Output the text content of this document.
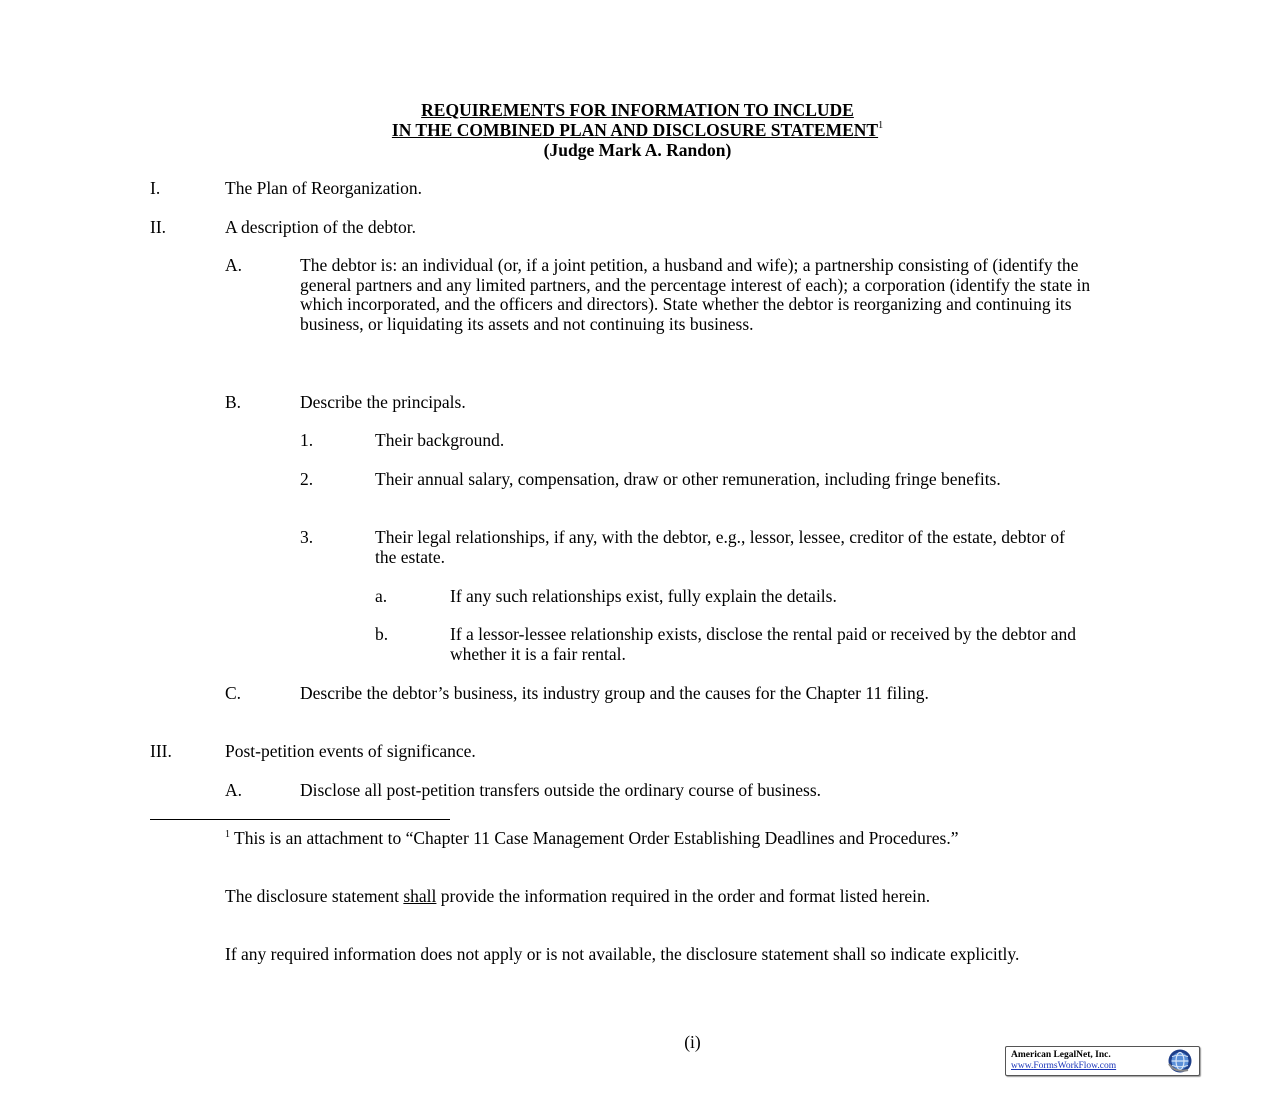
REQUIREMENTS FOR INFORMATION TO INCLUDE
IN THE COMBINED PLAN AND DISCLOSURE STATEMENT$^1$
(Judge Mark A. Randon)
I.	The Plan of Reorganization.
II.	A description of the debtor.
A.	The debtor is: an individual (or, if a joint petition, a husband and wife); a partnership consisting of (identify the general partners and any limited partners, and the percentage interest of each); a corporation (identify the state in which incorporated, and the officers and directors). State whether the debtor is reorganizing and continuing its business, or liquidating its assets and not continuing its business.
B.	Describe the principals.
1.	Their background.
2.	Their annual salary, compensation, draw or other remuneration, including fringe benefits.
3.	Their legal relationships, if any, with the debtor, e.g., lessor, lessee, creditor of the estate, debtor of the estate.
a.	If any such relationships exist, fully explain the details.
b.	If a lessor-lessee relationship exists, disclose the rental paid or received by the debtor and whether it is a fair rental.
C.	Describe the debtor’s business, its industry group and the causes for the Chapter 11 filing.
III.	Post-petition events of significance.
A.	Disclose all post-petition transfers outside the ordinary course of business.
$^1$ This is an attachment to “Chapter 11 Case Management Order Establishing Deadlines and Procedures.”
The disclosure statement shall provide the information required in the order and format listed herein.
If any required information does not apply or is not available, the disclosure statement shall so indicate explicitly.
(i)
American LegalNet, Inc.
www.FormsWorkFlow.com
